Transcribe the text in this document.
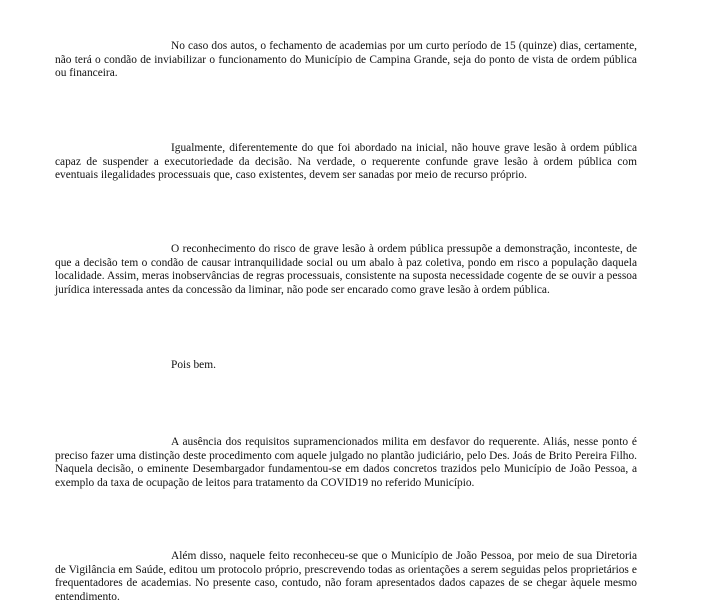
No caso dos autos, o fechamento de academias por um curto período de 15 (quinze) dias, certamente, não terá o condão de inviabilizar o funcionamento do Município de Campina Grande, seja do ponto de vista de ordem pública ou financeira.

Igualmente, diferentemente do que foi abordado na inicial, não houve grave lesão à ordem pública capaz de suspender a executoriedade da decisão. Na verdade, o requerente confunde grave lesão à ordem pública com eventuais ilegalidades processuais que, caso existentes, devem ser sanadas por meio de recurso próprio.

O reconhecimento do risco de grave lesão à ordem pública pressupõe a demonstração, inconteste, de que a decisão tem o condão de causar intranquilidade social ou um abalo à paz coletiva, pondo em risco a população daquela localidade. Assim, meras inobservâncias de regras processuais, consistente na suposta necessidade cogente de se ouvir a pessoa jurídica interessada antes da concessão da liminar, não pode ser encarado como grave lesão à ordem pública.

Pois bem.

A ausência dos requisitos supramencionados milita em desfavor do requerente. Aliás, nesse ponto é preciso fazer uma distinção deste procedimento com aquele julgado no plantão judiciário, pelo Des. Joás de Brito Pereira Filho. Naquela decisão, o eminente Desembargador fundamentou-se em dados concretos trazidos pelo Município de João Pessoa, a exemplo da taxa de ocupação de leitos para tratamento da COVID19 no referido Município.

Além disso, naquele feito reconheceu-se que o Município de João Pessoa, por meio de sua Diretoria de Vigilância em Saúde, editou um protocolo próprio, prescrevendo todas as orientações a serem seguidas pelos proprietários e frequentadores de academias. No presente caso, contudo, não foram apresentados dados capazes de se chegar àquele mesmo entendimento.
